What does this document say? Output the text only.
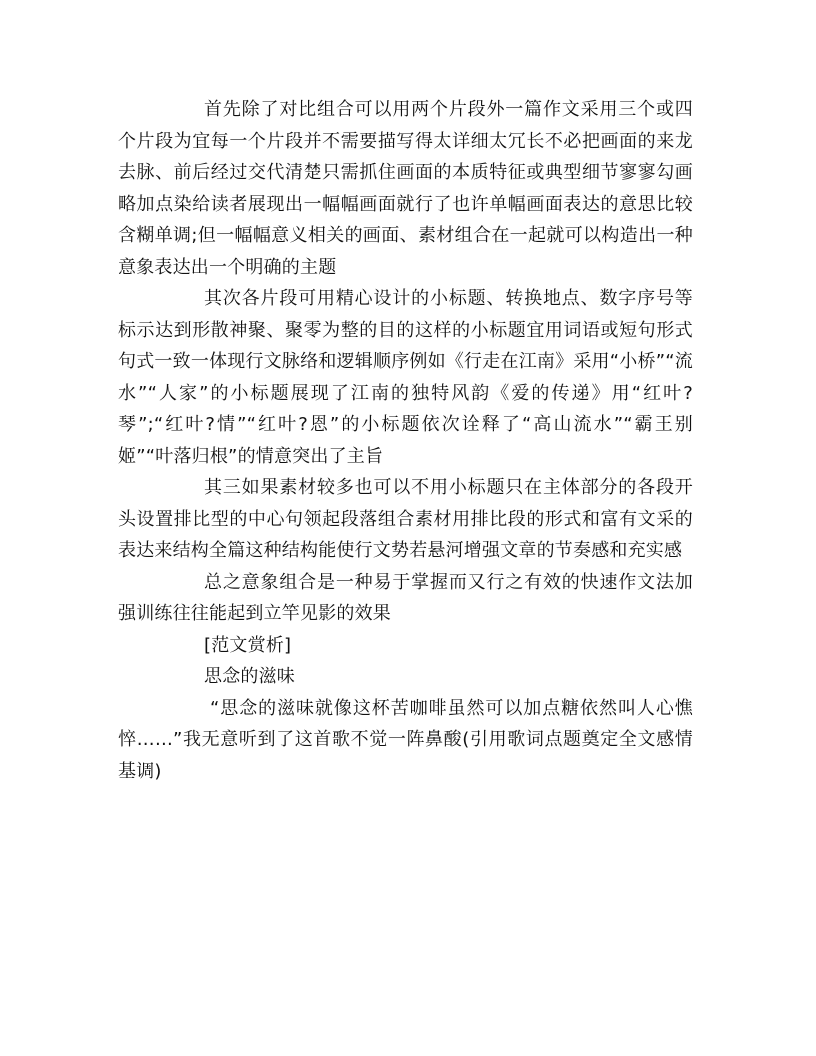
首先除了对比组合可以用两个片段外一篇作文采用三个或四个片段为宜每一个片段并不需要描写得太详细太冗长不必把画面的来龙去脉、前后经过交代清楚只需抓住画面的本质特征或典型细节寥寥勾画略加点染给读者展现出一幅幅画面就行了也许单幅画面表达的意思比较含糊单调;但一幅幅意义相关的画面、素材组合在一起就可以构造出一种意象表达出一个明确的主题

其次各片段可用精心设计的小标题、转换地点、数字序号等标示达到形散神聚、聚零为整的目的这样的小标题宜用词语或短句形式句式一致一体现行文脉络和逻辑顺序例如《行走在江南》采用“小桥”“流水”“人家”的小标题展现了江南的独特风韵《爱的传递》用“红叶?琴”;“红叶?情”“红叶?恩”的小标题依次诠释了“高山流水”“霸王别姬”“叶落归根”的情意突出了主旨

其三如果素材较多也可以不用小标题只在主体部分的各段开头设置排比型的中心句领起段落组合素材用排比段的形式和富有文采的表达来结构全篇这种结构能使行文势若悬河增强文章的节奏感和充实感

总之意象组合是一种易于掌握而又行之有效的快速作文法加强训练往往能起到立竿见影的效果

[范文赏析]

思念的滋味

“思念的滋味就像这杯苦咖啡虽然可以加点糖依然叫人心憔悴……”我无意听到了这首歌不觉一阵鼻酸(引用歌词点题奠定全文感情基调)
